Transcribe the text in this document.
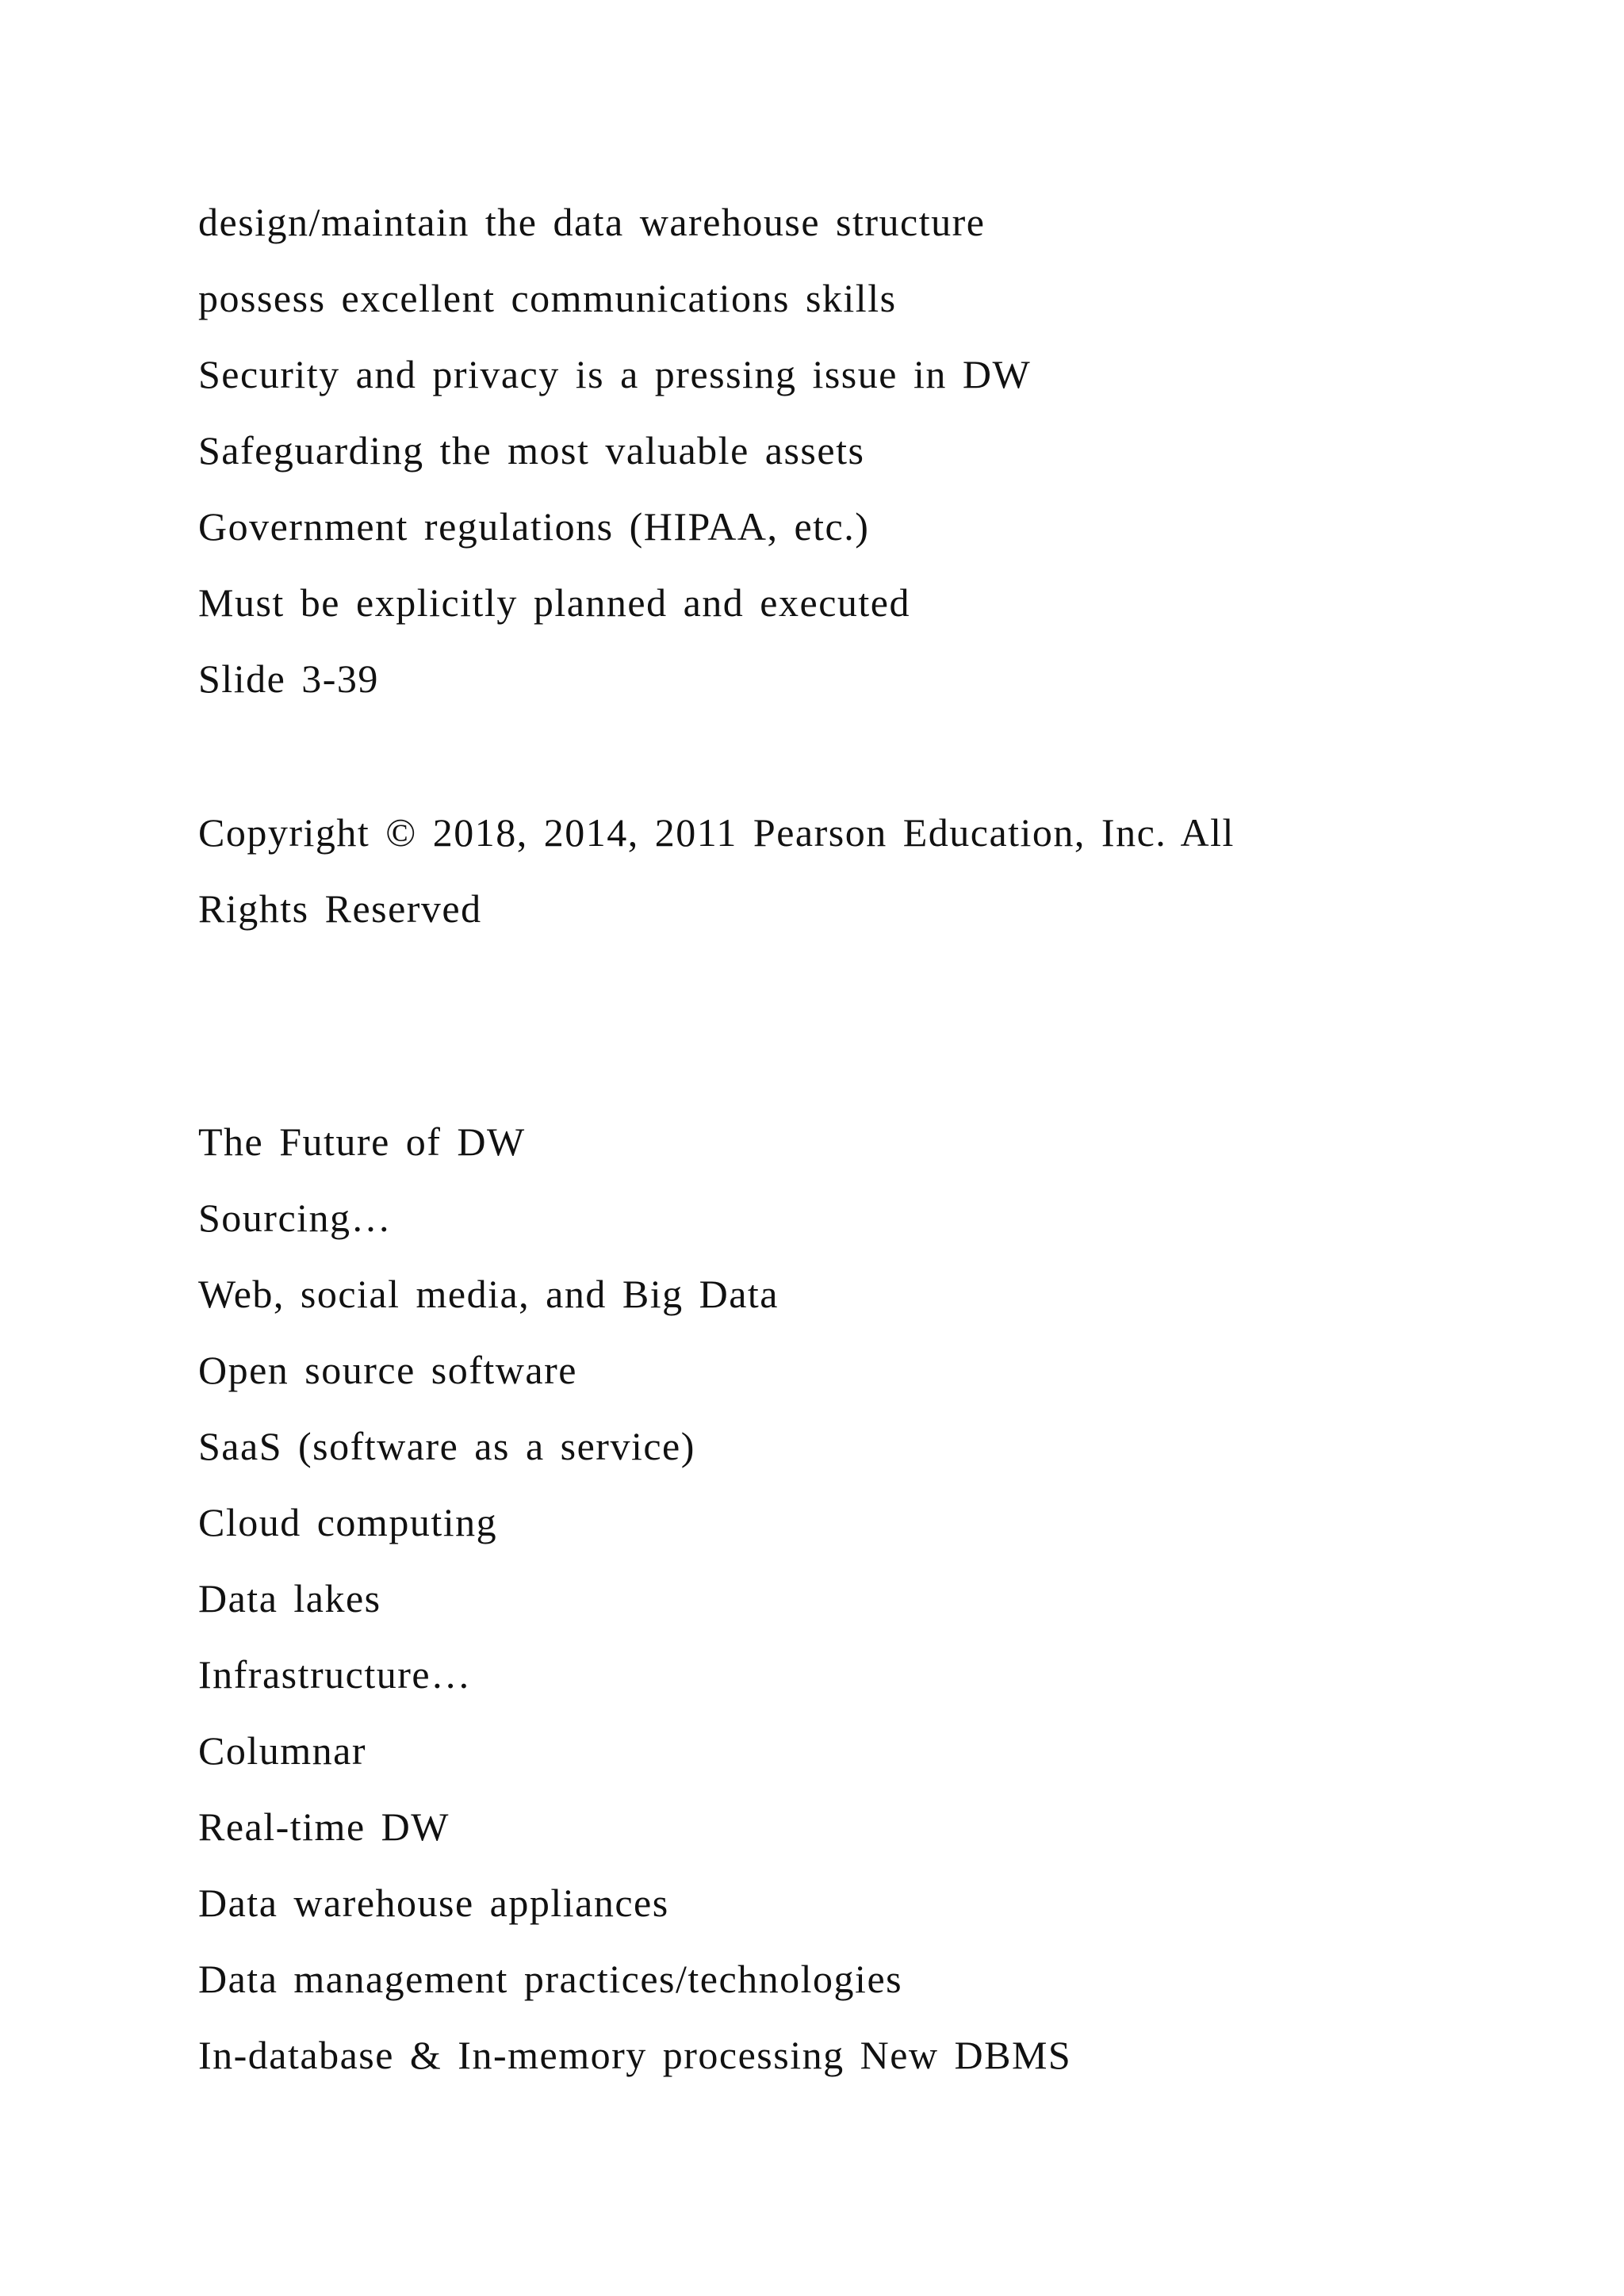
design/maintain the data warehouse structure

possess excellent communications skills

Security and privacy is a pressing issue in DW

Safeguarding the most valuable assets

Government regulations (HIPAA, etc.)

Must be explicitly planned and executed

Slide 3-39

Copyright © 2018, 2014, 2011 Pearson Education, Inc. All

Rights Reserved

The Future of DW

Sourcing…

Web, social media, and Big Data

Open source software

SaaS (software as a service)

Cloud computing

Data lakes

Infrastructure…

Columnar

Real-time DW

Data warehouse appliances

Data management practices/technologies

In-database & In-memory processing New DBMS
